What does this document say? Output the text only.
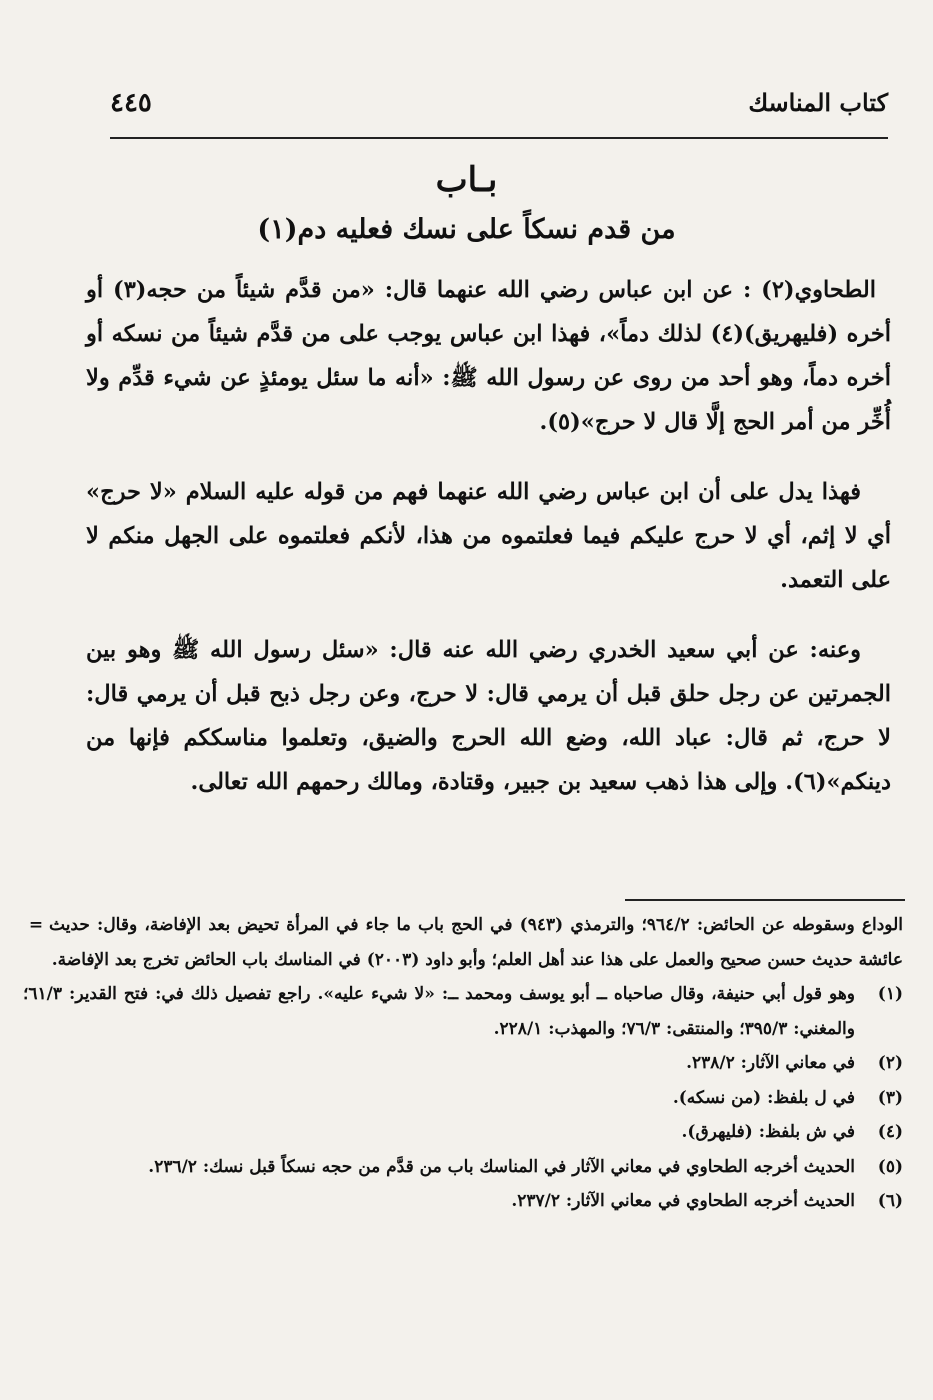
كتاب المناسك
٤٤٥
بـاب
من قدم نسكاً على نسك فعليه دم(١)

الطحاوي(٢) : عن ابن عباس رضي الله عنهما قال: «من قدَّم شيئاً من حجه(٣) أو أخره (فليهريق)(٤) لذلك دماً»، فهذا ابن عباس يوجب على من قدَّم شيئاً من نسكه أو أخره دماً، وهو أحد من روى عن رسول الله ﷺ: «أنه ما سئل يومئذٍ عن شيء قدِّم ولا أُخِّر من أمر الحج إلَّا قال لا حرج»(٥).

فهذا يدل على أن ابن عباس رضي الله عنهما فهم من قوله عليه السلام «لا حرج» أي لا إثم، أي لا حرج عليكم فيما فعلتموه من هذا، لأنكم فعلتموه على الجهل منكم لا على التعمد.

وعنه: عن أبي سعيد الخدري رضي الله عنه قال: «سئل رسول الله ﷺ وهو بين الجمرتين عن رجل حلق قبل أن يرمي قال: لا حرج، وعن رجل ذبح قبل أن يرمي قال: لا حرج، ثم قال: عباد الله، وضع الله الحرج والضيق، وتعلموا مناسككم فإنها من دينكم»(٦). وإلى هذا ذهب سعيد بن جبير، وقتادة، ومالك رحمهم الله تعالى.

الوداع وسقوطه عن الحائض: ٩٦٤/٢؛ والترمذي (٩٤٣) في الحج باب ما جاء في المرأة تحيض بعد الإفاضة، وقال: حديث عائشة حديث حسن صحيح والعمل على هذا عند أهل العلم؛ وأبو داود (٢٠٠٣) في المناسك باب الحائض تخرج بعد الإفاضة.
=
(١)
وهو قول أبي حنيفة، وقال صاحباه ــ أبو يوسف ومحمد ــ: «لا شيء عليه». راجع تفصيل ذلك في: فتح القدير: ٦١/٣؛ والمغني: ٣٩٥/٣؛ والمنتقى: ٧٦/٣؛ والمهذب: ٢٢٨/١.
(٢)
في معاني الآثار: ٢٣٨/٢.
(٣)
في ل بلفظ: (من نسكه).
(٤)
في ش بلفظ: (فليهرق).
(٥)
الحديث أخرجه الطحاوي في معاني الآثار في المناسك باب من قدَّم من حجه نسكاً قبل نسك: ٢٣٦/٢.
(٦)
الحديث أخرجه الطحاوي في معاني الآثار: ٢٣٧/٢.
